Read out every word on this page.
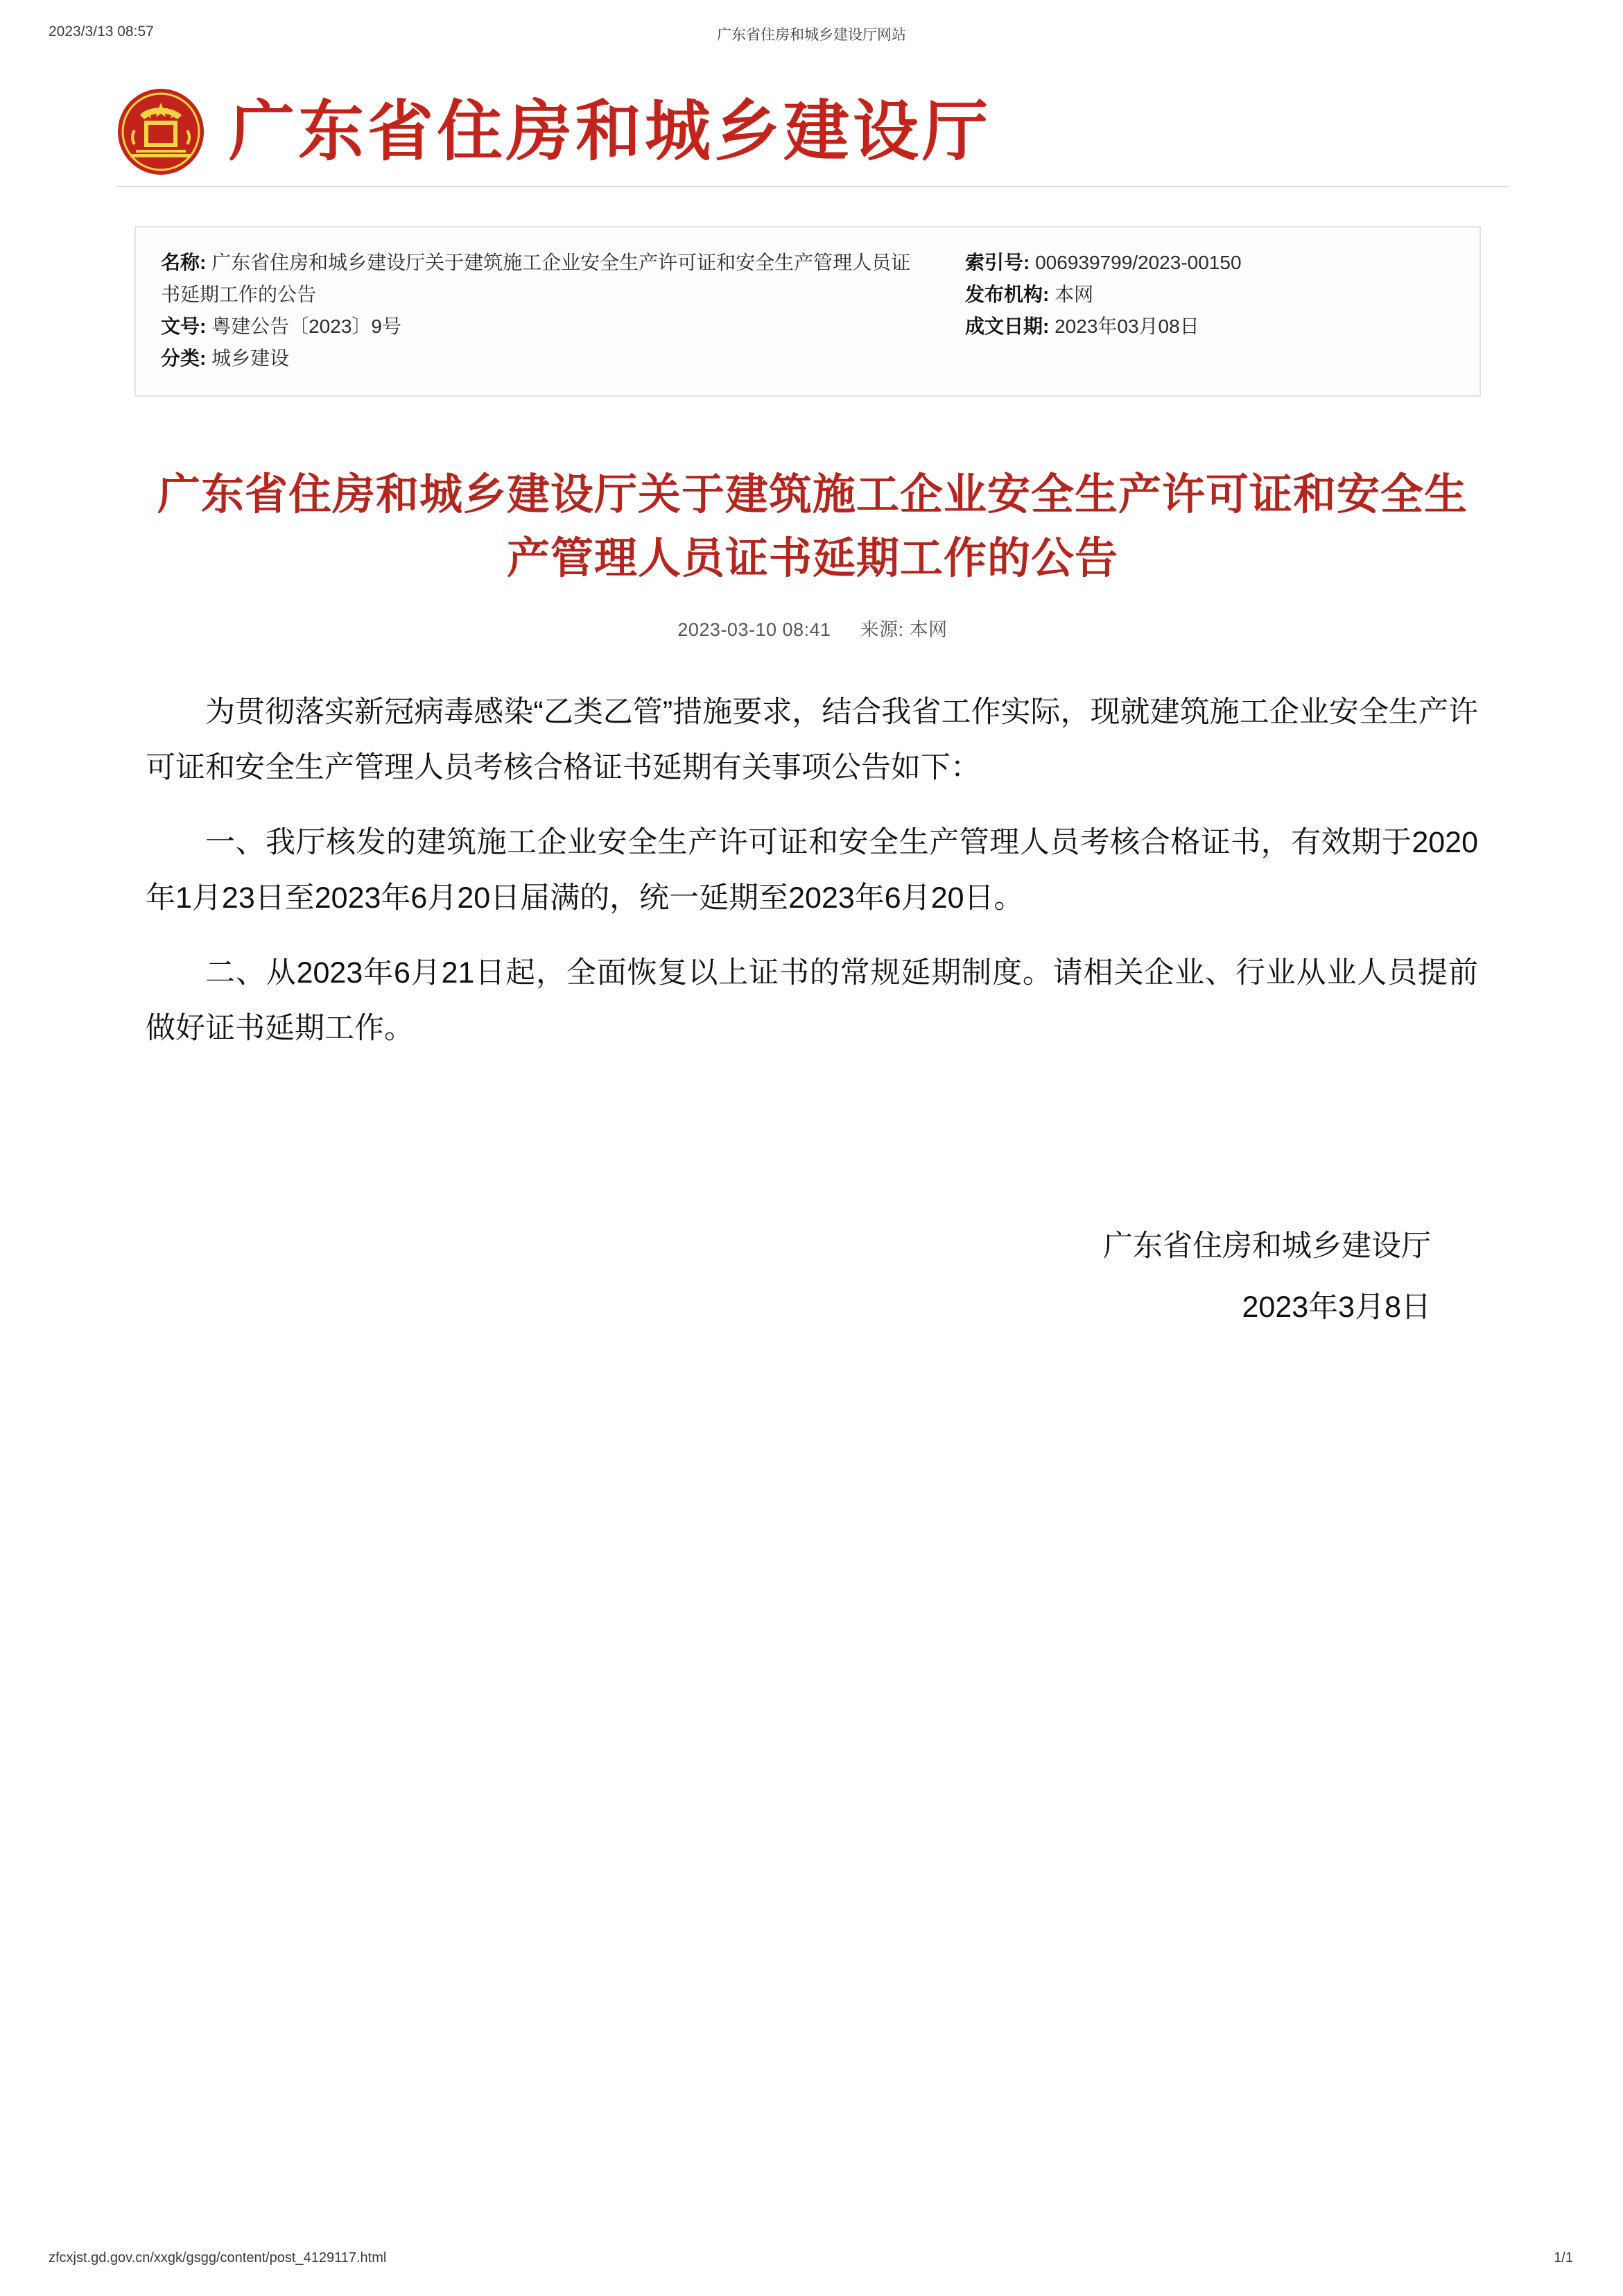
2023/3/13 08:57	广东省住房和城乡建设厅网站
广东省住房和城乡建设厅
名称: 广东省住房和城乡建设厅关于建筑施工企业安全生产许可证和安全生产管理人员证书延期工作的公告
文号: 粤建公告〔2023〕9号
分类: 城乡建设
索引号: 006939799/2023-00150
发布机构: 本网
成文日期: 2023年03月08日
广东省住房和城乡建设厅关于建筑施工企业安全生产许可证和安全生产管理人员证书延期工作的公告
2023-03-10 08:41 来源: 本网

为贯彻落实新冠病毒感染“乙类乙管”措施要求，结合我省工作实际，现就建筑施工企业安全生产许可证和安全生产管理人员考核合格证书延期有关事项公告如下：

一、我厅核发的建筑施工企业安全生产许可证和安全生产管理人员考核合格证书，有效期于2020年1月23日至2023年6月20日届满的，统一延期至2023年6月20日。

二、从2023年6月21日起，全面恢复以上证书的常规延期制度。请相关企业、行业从业人员提前做好证书延期工作。

广东省住房和城乡建设厅
2023年3月8日
zfcxjst.gd.gov.cn/xxgk/gsgg/content/post_4129117.html	1/1
